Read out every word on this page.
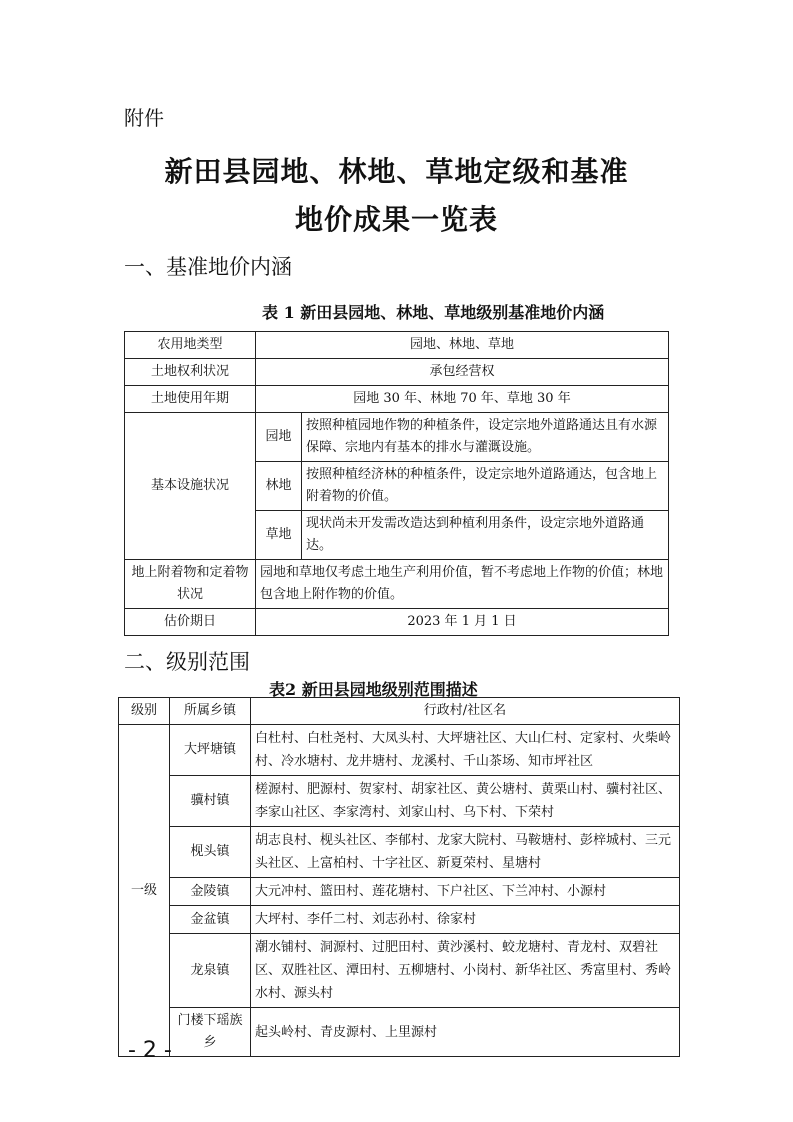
附件
新田县园地、林地、草地定级和基准
地价成果一览表
一、基准地价内涵
表 1 新田县园地、林地、草地级别基准地价内涵
农用地类型	园地、林地、草地	
土地权利状况	承包经营权	
土地使用年期	园地 30 年、林地 70 年、草地 30 年	
基本设施状况	园地	按照种植园地作物的种植条件，设定宗地外道路通达且有水源保障、宗地内有基本的排水与灌溉设施。
	林地	按照种植经济林的种植条件，设定宗地外道路通达，包含地上附着物的价值。
	草地	现状尚未开发需改造达到种植利用条件，设定宗地外道路通达。
地上附着物和定着物状况	园地和草地仅考虑土地生产利用价值，暂不考虑地上作物的价值；林地包含地上附作物的价值。	
估价期日	2023 年 1 月 1 日	
二、级别范围
表2 新田县园地级别范围描述
级别	所属乡镇	行政村/社区名
一级	大坪塘镇	白杜村、白杜尧村、大凤头村、大坪塘社区、大山仁村、定家村、火柴岭村、冷水塘村、龙井塘村、龙溪村、千山茶场、知市坪社区
	骥村镇	槎源村、肥源村、贺家村、胡家社区、黄公塘村、黄栗山村、骥村社区、李家山社区、李家湾村、刘家山村、乌下村、下荣村
	枧头镇	胡志良村、枧头社区、李郁村、龙家大院村、马鞍塘村、彭梓城村、三元头社区、上富柏村、十字社区、新夏荣村、星塘村
	金陵镇	大元冲村、篮田村、莲花塘村、下户社区、下兰冲村、小源村
	金盆镇	大坪村、李仟二村、刘志孙村、徐家村
	龙泉镇	潮水铺村、洞源村、过肥田村、黄沙溪村、蛟龙塘村、青龙村、双碧社区、双胜社区、潭田村、五柳塘村、小岗村、新华社区、秀富里村、秀岭水村、源头村
	门楼下瑶族乡	起头岭村、青皮源村、上里源村
- 2 -
